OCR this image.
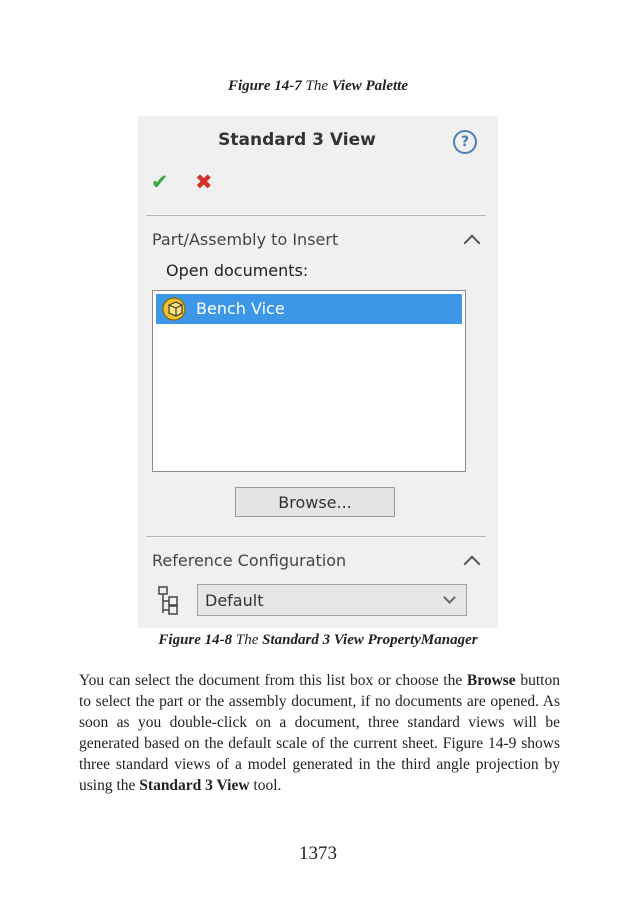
Figure 14-7 The View Palette
Standard 3 View	?
✔ ✖
Part/Assembly to Insert
Open documents:
Bench Vice
Browse...
Reference Configuration
Default
Figure 14-8 The Standard 3 View PropertyManager
You can select the document from this list box or choose the Browse button to select the part or the assembly document, if no documents are opened. As soon as you double-click on a document, three standard views will be generated based on the default scale of the current sheet. Figure 14-9 shows three standard views of a model generated in the third angle projection by using the Standard 3 View tool.
1373
